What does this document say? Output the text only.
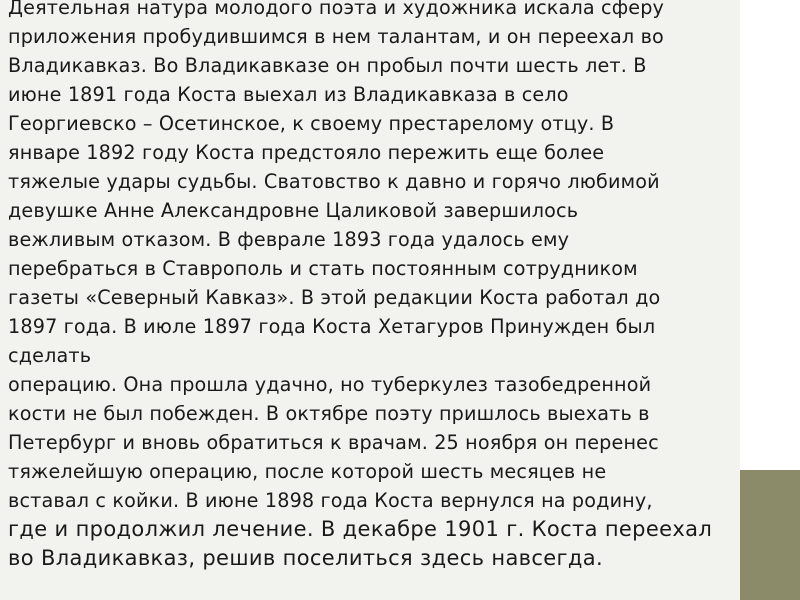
Деятельная натура молодого поэта и художника искала сферу
приложения пробудившимся в нем талантам, и он переехал во
Владикавказ. Во Владикавказе он пробыл почти шесть лет. В
июне 1891 года Коста выехал из Владикавказа в село
Георгиевско – Осетинское, к своему престарелому отцу. В
январе 1892 году Коста предстояло пережить еще более
тяжелые удары судьбы. Сватовство к давно и горячо любимой
девушке Анне Александровне Цаликовой завершилось
вежливым отказом. В феврале 1893 года удалось ему
перебраться в Ставрополь и стать постоянным сотрудником
газеты «Северный Кавказ». В этой редакции Коста работал до
1897 года. В июле 1897 года Коста Хетагуров Принужден был
сделать
операцию. Она прошла удачно, но туберкулез тазобедренной
кости не был побежден. В октябре поэту пришлось выехать в
Петербург и вновь обратиться к врачам. 25 ноября он перенес
тяжелейшую операцию, после которой шесть месяцев не
вставал с койки. В июне 1898 года Коста вернулся на родину,
где и продолжил лечение. В декабре 1901 г. Коста переехал
во Владикавказ, решив поселиться здесь навсегда.
